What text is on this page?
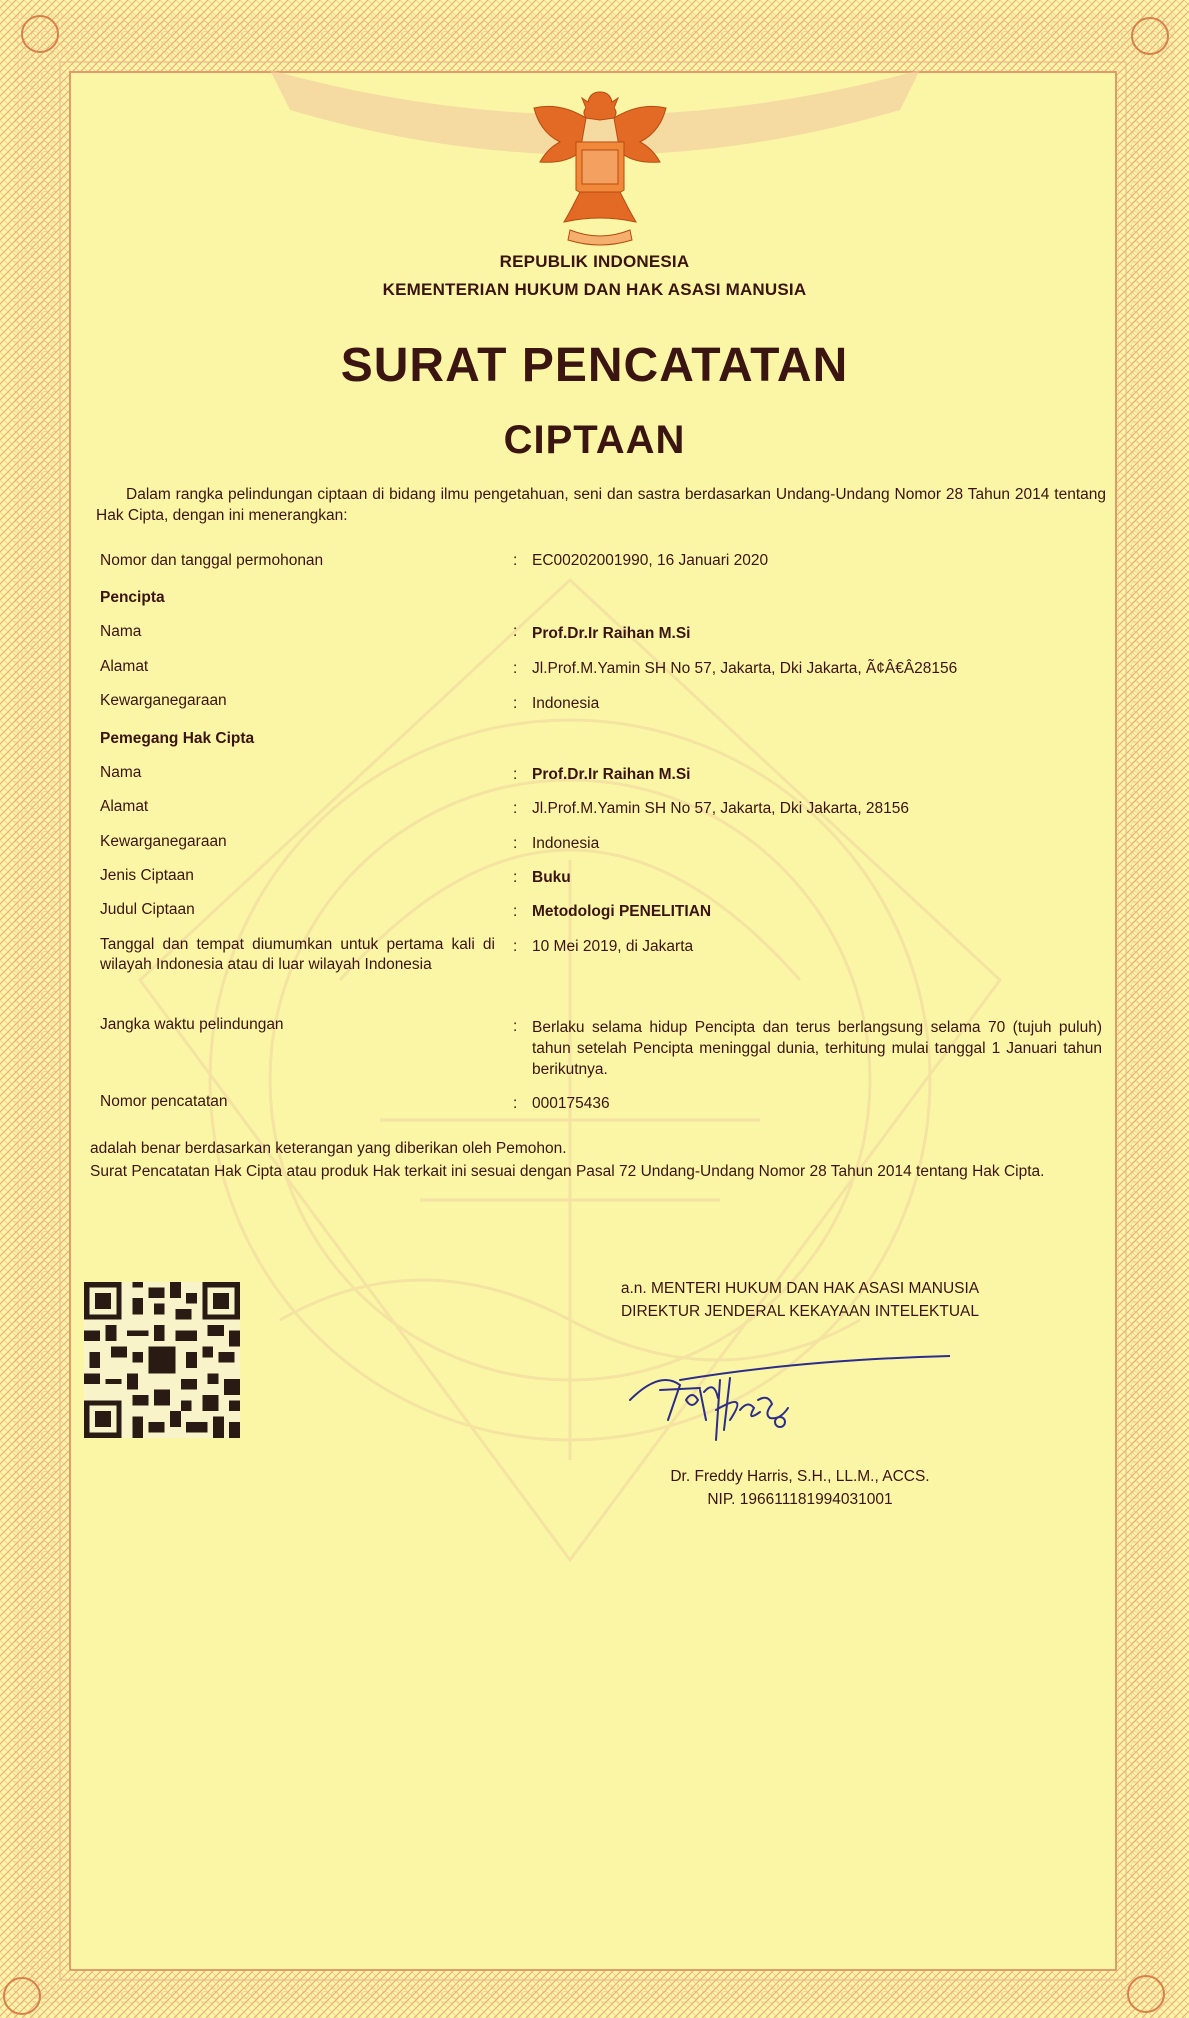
REPUBLIK INDONESIA
KEMENTERIAN HUKUM DAN HAK ASASI MANUSIA
SURAT PENCATATAN
CIPTAAN
Dalam rangka pelindungan ciptaan di bidang ilmu pengetahuan, seni dan sastra berdasarkan Undang-Undang Nomor 28 Tahun 2014 tentang Hak Cipta, dengan ini menerangkan:
Nomor dan tanggal permohonan	: EC00202001990, 16 Januari 2020
Pencipta
Nama	: Prof.Dr.Ir Raihan M.Si
Alamat	: Jl.Prof.M.Yamin SH No 57, Jakarta, Dki Jakarta, Ã¢Â€Â28156
Kewarganegaraan	: Indonesia
Pemegang Hak Cipta
Nama	: Prof.Dr.Ir Raihan M.Si
Alamat	: Jl.Prof.M.Yamin SH No 57, Jakarta, Dki Jakarta, 28156
Kewarganegaraan	: Indonesia
Jenis Ciptaan	: Buku
Judul Ciptaan	: Metodologi PENELITIAN
Tanggal dan tempat diumumkan untuk pertama kali di wilayah Indonesia atau di luar wilayah Indonesia
: 10 Mei 2019, di Jakarta
Jangka waktu pelindungan	: Berlaku selama hidup Pencipta dan terus berlangsung selama 70 (tujuh puluh) tahun setelah Pencipta meninggal dunia, terhitung mulai tanggal 1 Januari tahun berikutnya.
Nomor pencatatan	: 000175436
adalah benar berdasarkan keterangan yang diberikan oleh Pemohon.
Surat Pencatatan Hak Cipta atau produk Hak terkait ini sesuai dengan Pasal 72 Undang-Undang Nomor 28 Tahun 2014 tentang Hak Cipta.
a.n. MENTERI HUKUM DAN HAK ASASI MANUSIA
DIREKTUR JENDERAL KEKAYAAN INTELEKTUAL
Dr. Freddy Harris, S.H., LL.M., ACCS.
NIP. 196611181994031001
